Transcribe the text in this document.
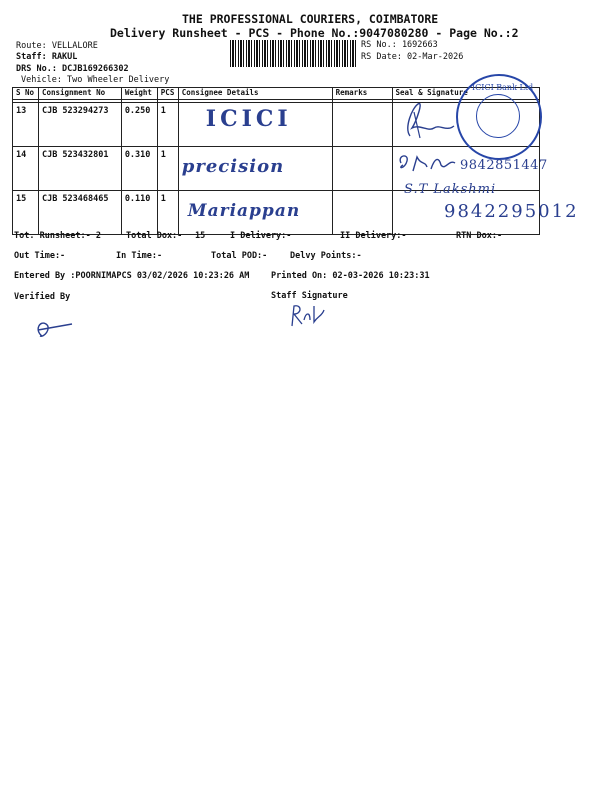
THE PROFESSIONAL COURIERS, COIMBATORE
Delivery Runsheet - PCS - Phone No.:9047080280 - Page No.:2
Route: VELLALORE
Staff: RAKUL
DRS No.: DCJB169266302
Vehicle: Two Wheeler Delivery
RS No.: 1692663
RS Date: 02-Mar-2026
S No	Consignment No	Weight	PCS	Consignee Details	Remarks	Seal & Signature

13	CJB 523294273	0.250	1	ICICI		
14	CJB 523432801	0.310	1	precision		
15	CJB 523468465	0.110	1	Mariappan		
ICICI Bank Ltd
9842851447
S.T Lakshmi
9842295012
Tot. Runsheet:- 2	Total Dox:- 15	I Delivery:-	II Delivery:-	RTN Dox:-
Out Time:-	In Time:-	Total POD:-	Delvy Points:-
Entered By :POORNIMAPCS 03/02/2026 10:23:26 AM	Printed On: 02-03-2026 10:23:31
Verified By	Staff Signature
